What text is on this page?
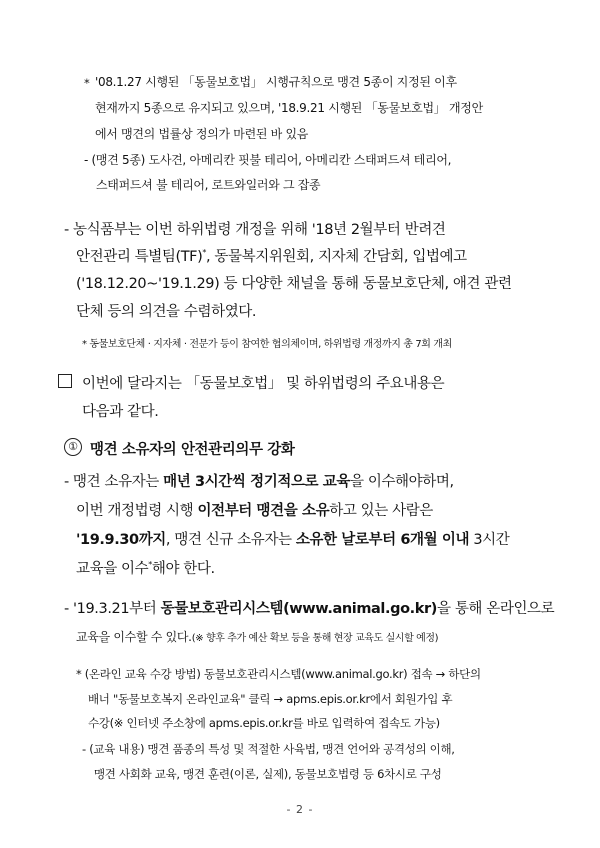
* '08.1.27 시행된 「동물보호법」 시행규칙으로 맹견 5종이 지정된 이후
현재까지 5종으로 유지되고 있으며, '18.9.21 시행된 「동물보호법」 개정안
에서 맹견의 법률상 정의가 마련된 바 있음
- (맹견 5종) 도사견, 아메리칸 핏불 테리어, 아메리칸 스태퍼드셔 테리어,
스태퍼드셔 불 테리어, 로트와일러와 그 잡종
- 농식품부는 이번 하위법령 개정을 위해 '18년 2월부터 반려견
안전관리 특별팀(TF)*, 동물복지위원회, 지자체 간담회, 입법예고
('18.12.20~'19.1.29) 등 다양한 채널을 통해 동물보호단체, 애견 관련
단체 등의 의견을 수렴하였다.
* 동물보호단체 · 지자체 · 전문가 등이 참여한 협의체이며, 하위법령 개정까지 총 7회 개최
이번에 달라지는 「동물보호법」 및 하위법령의 주요내용은
다음과 같다.
① 맹견 소유자의 안전관리의무 강화
- 맹견 소유자는 매년 3시간씩 정기적으로 교육을 이수해야하며,
이번 개정법령 시행 이전부터 맹견을 소유하고 있는 사람은
'19.9.30까지, 맹견 신규 소유자는 소유한 날로부터 6개월 이내 3시간
교육을 이수*해야 한다.
- '19.3.21부터 동물보호관리시스템(www.animal.go.kr)을 통해 온라인으로
교육을 이수할 수 있다.(※ 향후 추가 예산 확보 등을 통해 현장 교육도 실시할 예정)
* (온라인 교육 수강 방법) 동물보호관리시스템(www.animal.go.kr) 접속 → 하단의
배너 "동물보호복지 온라인교육" 클릭 → apms.epis.or.kr에서 회원가입 후
수강(※ 인터넷 주소창에 apms.epis.or.kr를 바로 입력하여 접속도 가능)
- (교육 내용) 맹견 품종의 특성 및 적절한 사육법, 맹견 언어와 공격성의 이해,
맹견 사회화 교육, 맹견 훈련(이론, 실제), 동물보호법령 등 6차시로 구성
- 2 -
